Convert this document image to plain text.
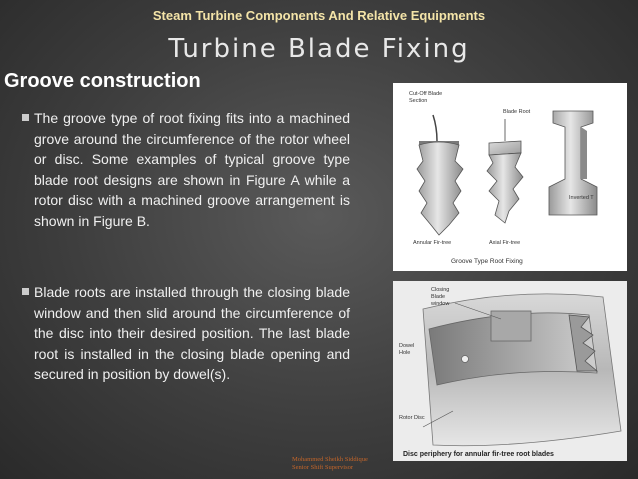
Steam Turbine Components And Relative Equipments
Turbine Blade Fixing
Groove construction

The groove type of root fixing fits into a machined grove around the circumference of the rotor wheel or disc. Some examples of typical groove type blade root designs are shown in Figure A while a rotor disc with a machined groove arrangement is shown in Figure B.

Blade roots are installed through the closing blade window and then slid around the circumference of the disc into their desired position. The last blade root is installed in the closing blade opening and secured in position by dowel(s).

Cut-Off Blade
Section
Blade Root
Inverted T
Annular Fir-tree	Axial Fir-tree
Groove Type Root Fixing
Closing
Blade
window
Dowel
Hole
Rotor Disc
Disc periphery for annular fir-tree root blades
Mohammed Sheikh Siddique
Senior Shift Supervisor
